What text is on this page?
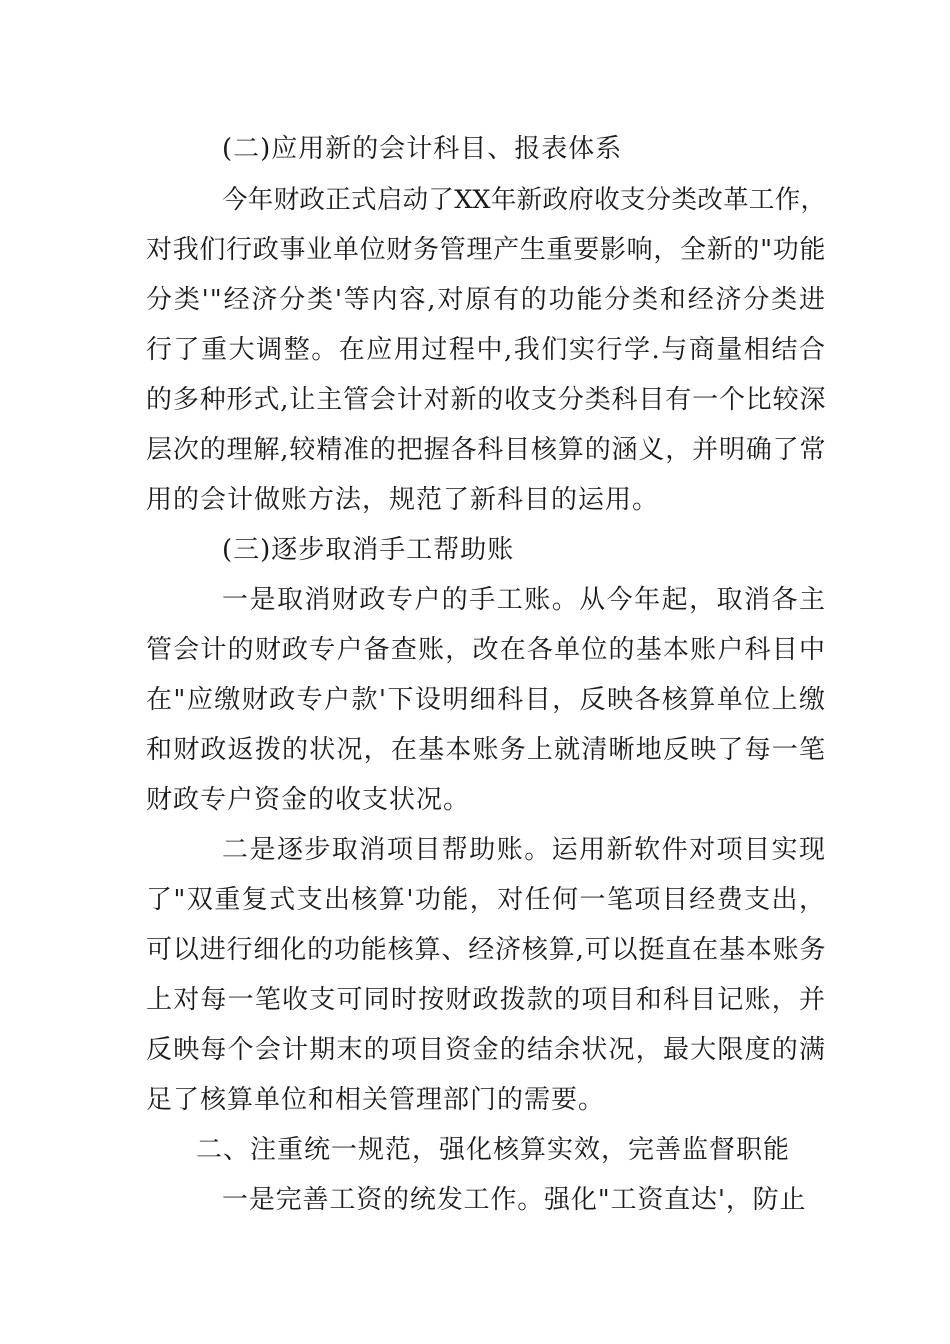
(二)应用新的会计科目、报表体系
今年财政正式启动了XX年新政府收支分类改革工作，
对我们行政事业单位财务管理产生重要影响，全新的"功能
分类'"经济分类'等内容,对原有的功能分类和经济分类进
行了重大调整。在应用过程中,我们实行学.与商量相结合
的多种形式,让主管会计对新的收支分类科目有一个比较深
层次的理解,较精准的把握各科目核算的涵义，并明确了常
用的会计做账方法，规范了新科目的运用。
(三)逐步取消手工帮助账
一是取消财政专户的手工账。从今年起，取消各主
管会计的财政专户备查账，改在各单位的基本账户科目中
在"应缴财政专户款'下设明细科目，反映各核算单位上缴
和财政返拨的状况，在基本账务上就清晰地反映了每一笔
财政专户资金的收支状况。
二是逐步取消项目帮助账。运用新软件对项目实现
了"双重复式支出核算'功能，对任何一笔项目经费支出，
可以进行细化的功能核算、经济核算,可以挺直在基本账务
上对每一笔收支可同时按财政拨款的项目和科目记账，并
反映每个会计期末的项目资金的结余状况，最大限度的满
足了核算单位和相关管理部门的需要。
二、注重统一规范，强化核算实效，完善监督职能
一是完善工资的统发工作。强化"工资直达'，防止
